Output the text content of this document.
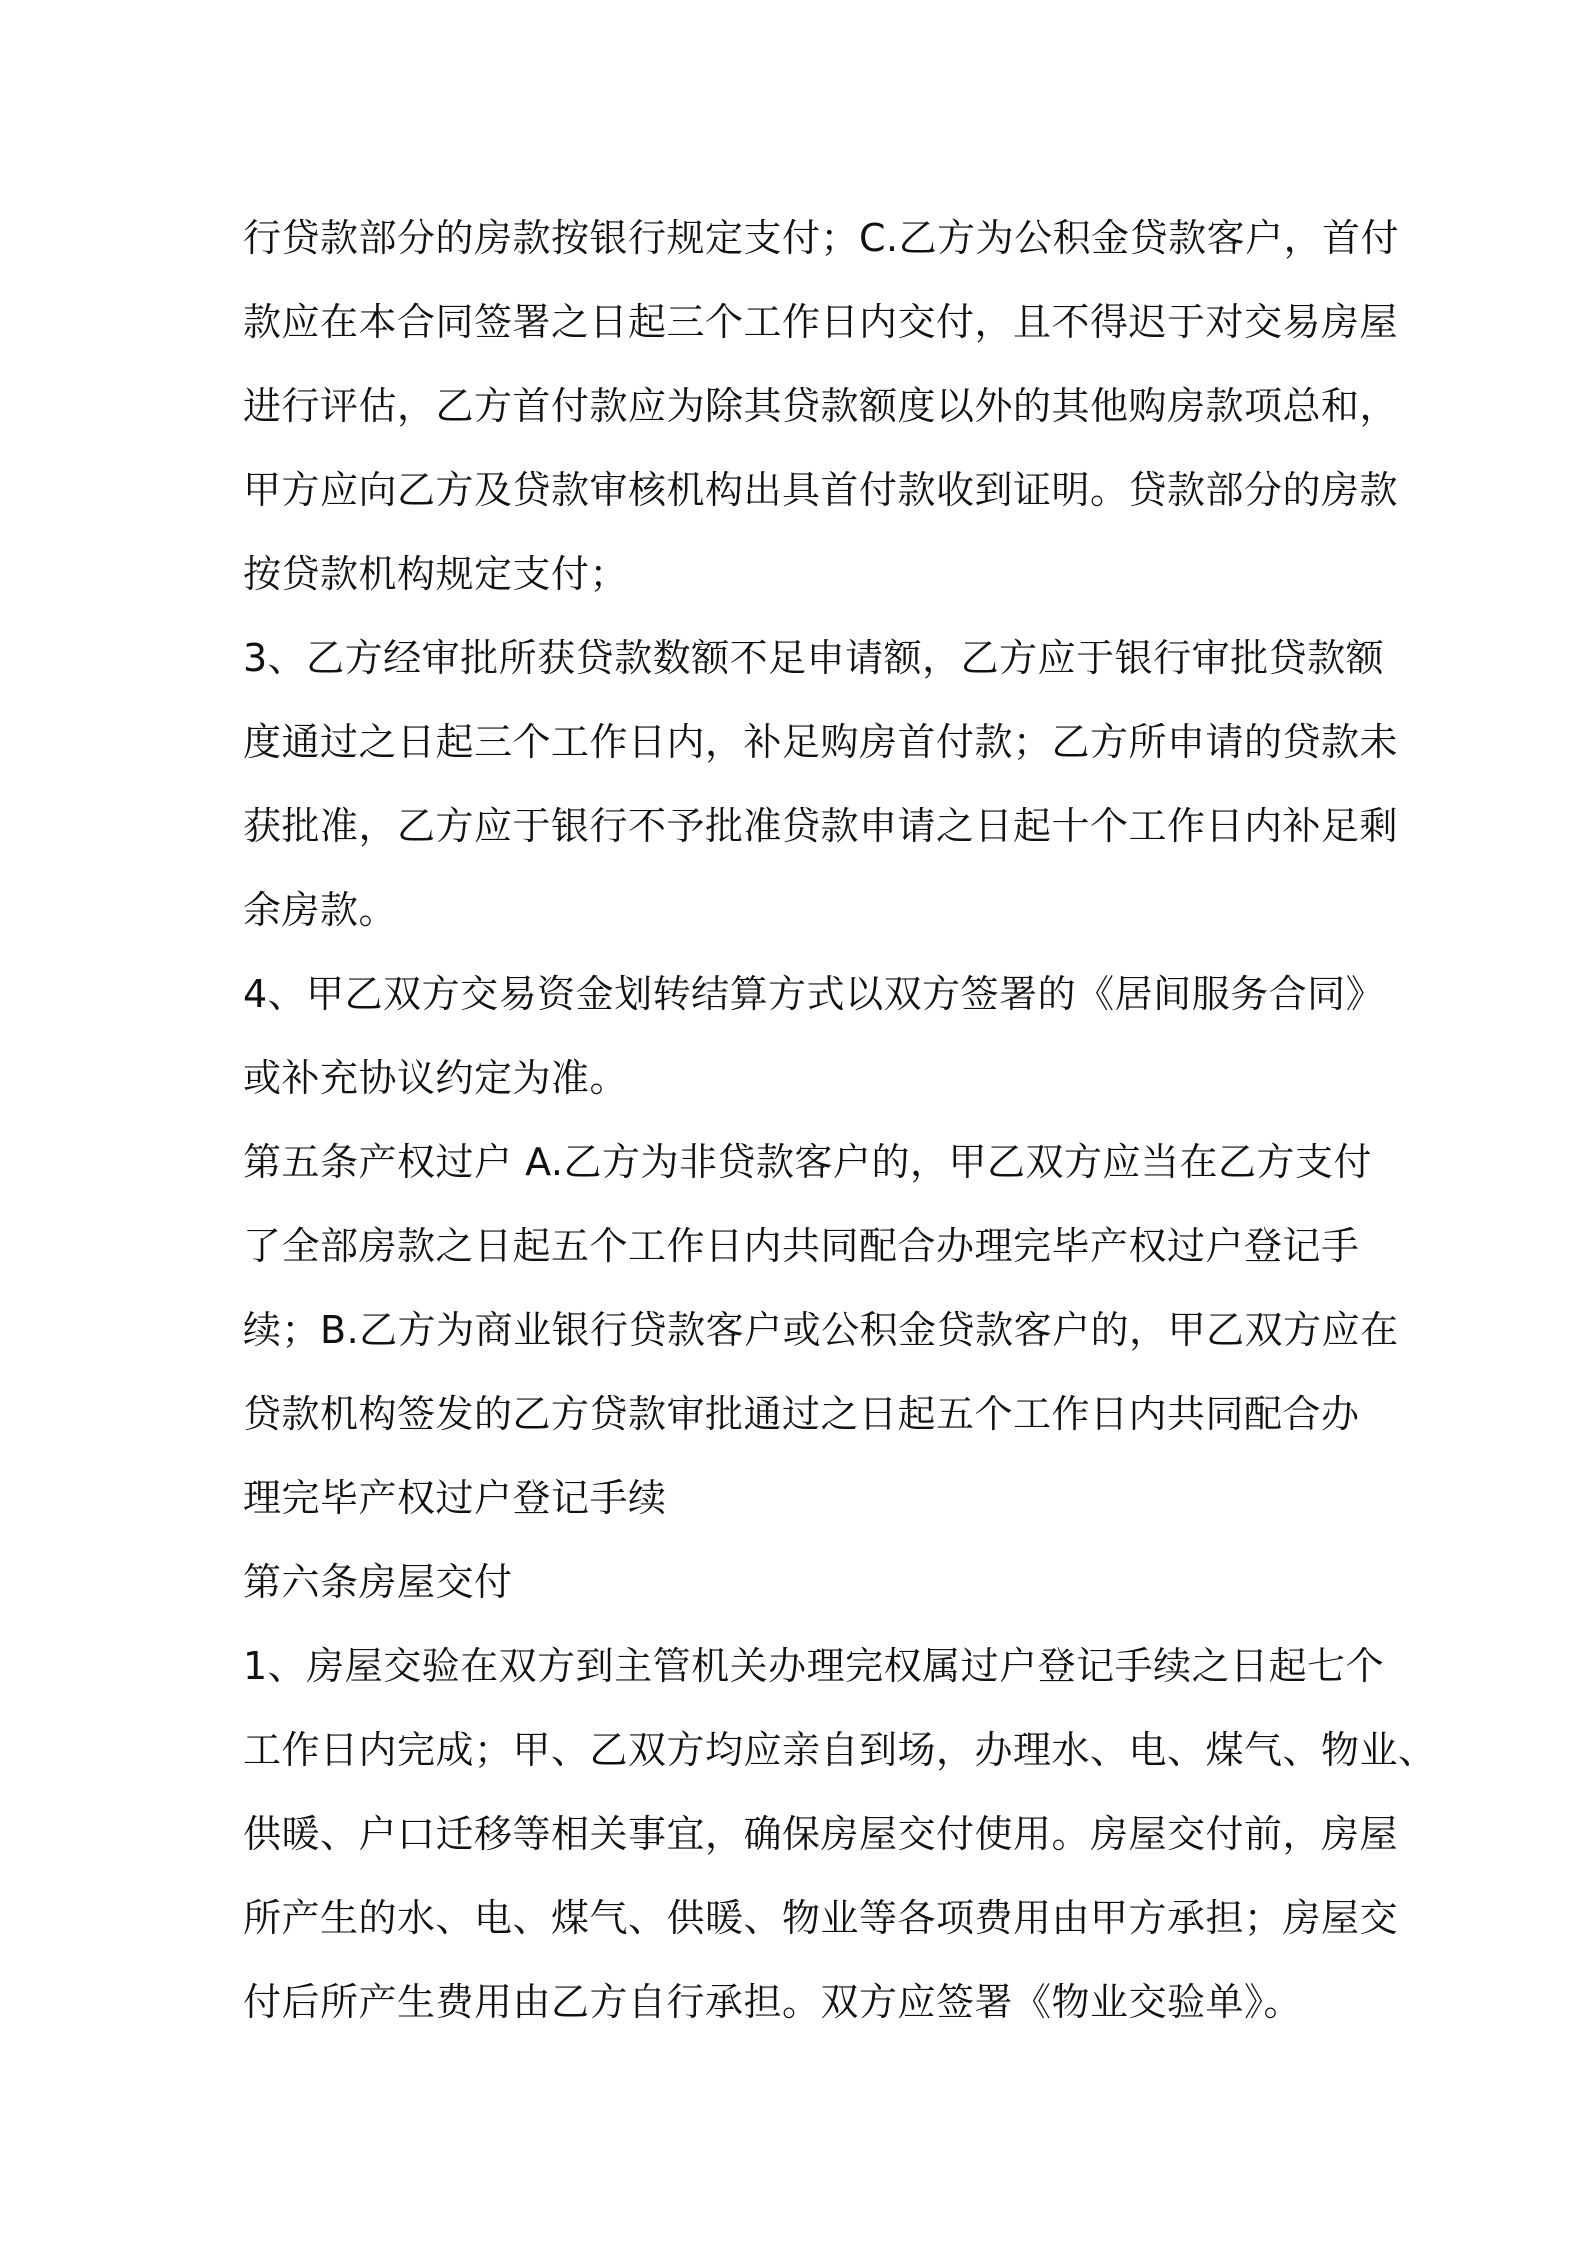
行贷款部分的房款按银行规定支付；C.乙方为公积金贷款客户，首付
款应在本合同签署之日起三个工作日内交付，且不得迟于对交易房屋
进行评估，乙方首付款应为除其贷款额度以外的其他购房款项总和，
甲方应向乙方及贷款审核机构出具首付款收到证明。贷款部分的房款
按贷款机构规定支付；
3、乙方经审批所获贷款数额不足申请额，乙方应于银行审批贷款额
度通过之日起三个工作日内，补足购房首付款；乙方所申请的贷款未
获批准，乙方应于银行不予批准贷款申请之日起十个工作日内补足剩
余房款。
4、甲乙双方交易资金划转结算方式以双方签署的《居间服务合同》
或补充协议约定为准。
第五条产权过户 A.乙方为非贷款客户的，甲乙双方应当在乙方支付
了全部房款之日起五个工作日内共同配合办理完毕产权过户登记手
续；B.乙方为商业银行贷款客户或公积金贷款客户的，甲乙双方应在
贷款机构签发的乙方贷款审批通过之日起五个工作日内共同配合办
理完毕产权过户登记手续
第六条房屋交付
1、房屋交验在双方到主管机关办理完权属过户登记手续之日起七个
工作日内完成；甲、乙双方均应亲自到场，办理水、电、煤气、物业、
供暖、户口迁移等相关事宜，确保房屋交付使用。房屋交付前，房屋
所产生的水、电、煤气、供暖、物业等各项费用由甲方承担；房屋交
付后所产生费用由乙方自行承担。双方应签署《物业交验单》。
